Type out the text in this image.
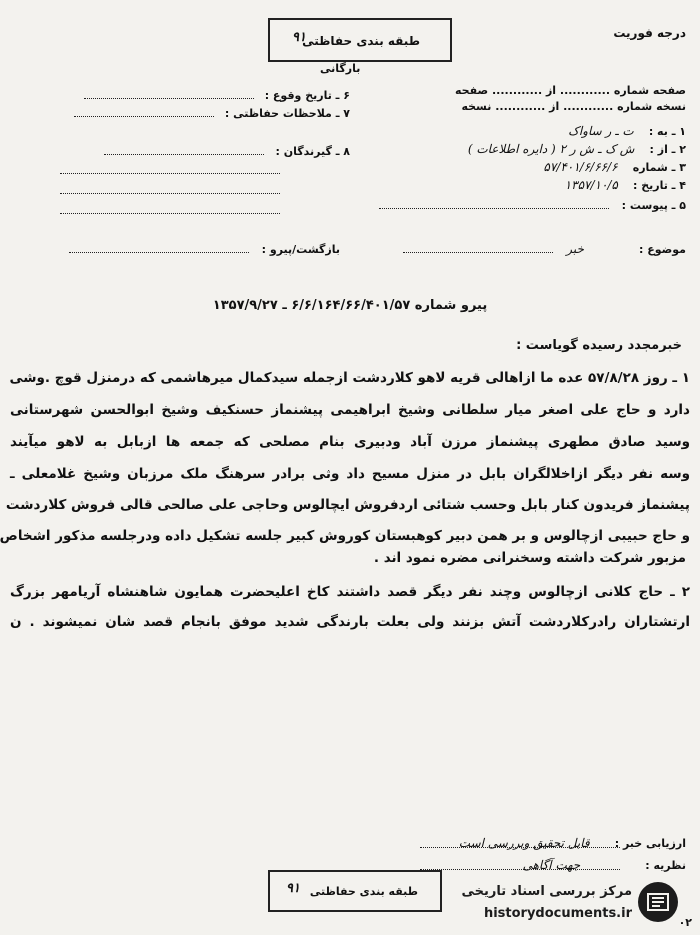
طبقه بندی حفاظتی
۹۱
بارگانی
درجه فوریت
صفحه شماره ............ از ............ صفحه
نسخه شماره ............ از ............ نسخه
۱ ـ به : ت ـ ر ساواک
۲ ـ از : ش ک ـ ش ر ۲ ( دایره اطلاعات )
۳ ـ شماره ۵۷/۴۰۱/۶/۶۶/۶
۴ ـ تاریخ : ۱۳۵۷/۱۰/۵
۵ ـ پیوست :
۶ ـ تاریخ وقوع :
۷ ـ ملاحظات حفاظتی :
۸ ـ گیرندگان :
موضوع : خبر
بازگشت/پیرو :
پیرو شماره ۶/۶/۱۶۴/۶۶/۴۰۱/۵۷ ـ ۱۳۵۷/۹/۲۷
خبرمجدد رسیده گویاست :
۱ ـ روز ۵۷/۸/۲۸ عده ما ازاهالی قریه لاهو کلاردشت ازجمله سیدکمال میرهاشمی که درمنزل قوچ .وشی
دارد و حاج علی اصغر میار سلطانی وشیخ ابراهیمی پیشنماز حسنکیف وشیخ ابوالحسن شهرستانی
وسید صادق مطهری پیشنماز مرزن آباد ودبیری بنام مصلحی که جمعه ها ازبابل به لاهو میآیند
وسه نفر دیگر ازاخلالگران بابل در منزل مسیح داد وثی برادر سرهنگ ملک مرزبان وشیخ غلامعلی ـ
پیشنماز فریدون کنار بابل وحسب شتائی اردفروش ایچالوس وحاجی علی صالحی قالی فروش کلاردشت
و حاج حبیبی ازچالوس و بر همن دبیر کوهبستان کوروش کبیر جلسه تشکیل داده ودرجلسه مذکور اشخاص
مزبور شرکت داشته وسخنرانی مضره نمود اند .
۲ ـ حاج کلانی ازچالوس وچند نفر دیگر قصد داشتند کاخ اعلیحضرت همایون شاهنشاه آریامهر بزرگ
ارتشتاران رادرکلاردشت آتش بزنند ولی بعلت بارندگی شدید موفق بانجام قصد شان نمیشوند . ن
ارزیابی خبر : قابل تحقیق وبررسی است
نظریه : جهت آگاهی
طبقه بندی حفاظتی
۹۱
۰۲
مرکز بررسی اسناد تاریخی
historydocuments.ir
